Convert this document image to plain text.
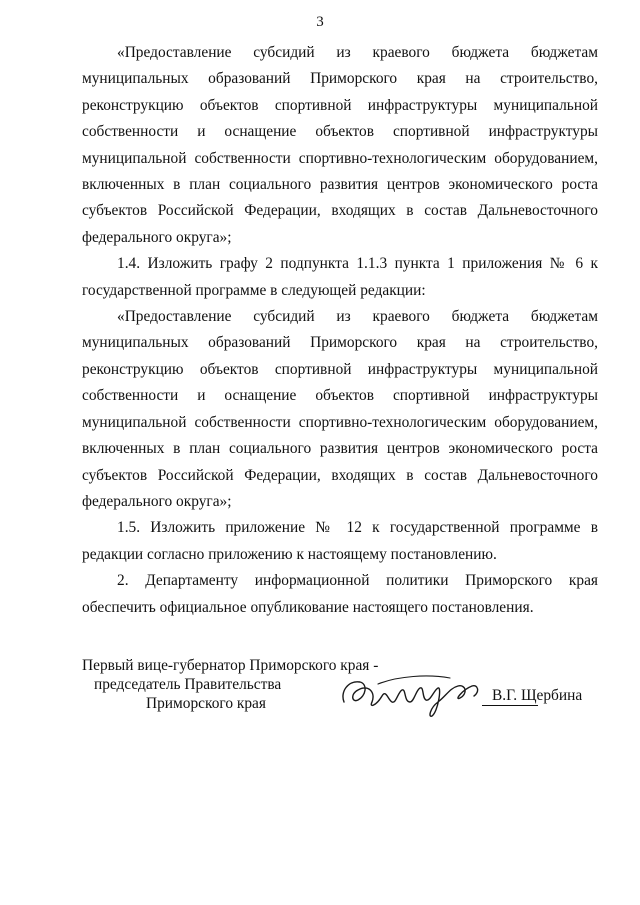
3

«Предоставление субсидий из краевого бюджета бюджетам муниципальных образований Приморского края на строительство, реконструкцию объектов спортивной инфраструктуры муниципальной собственности и оснащение объектов спортивной инфраструктуры муниципальной собственности спортивно-технологическим оборудованием, включенных в план социального развития центров экономического роста субъектов Российской Федерации, входящих в состав Дальневосточного федерального округа»;

1.4. Изложить графу 2 подпункта 1.1.3 пункта 1 приложения № 6 к государственной программе в следующей редакции:

«Предоставление субсидий из краевого бюджета бюджетам муниципальных образований Приморского края на строительство, реконструкцию объектов спортивной инфраструктуры муниципальной собственности и оснащение объектов спортивной инфраструктуры муниципальной собственности спортивно-технологическим оборудованием, включенных в план социального развития центров экономического роста субъектов Российской Федерации, входящих в состав Дальневосточного федерального округа»;

1.5. Изложить приложение № 12 к государственной программе в редакции согласно приложению к настоящему постановлению.

2. Департаменту информационной политики Приморского края обеспечить официальное опубликование настоящего постановления.

Первый вице-губернатор Приморского края -
председатель Правительства
Приморского края	В.Г. Щербина
